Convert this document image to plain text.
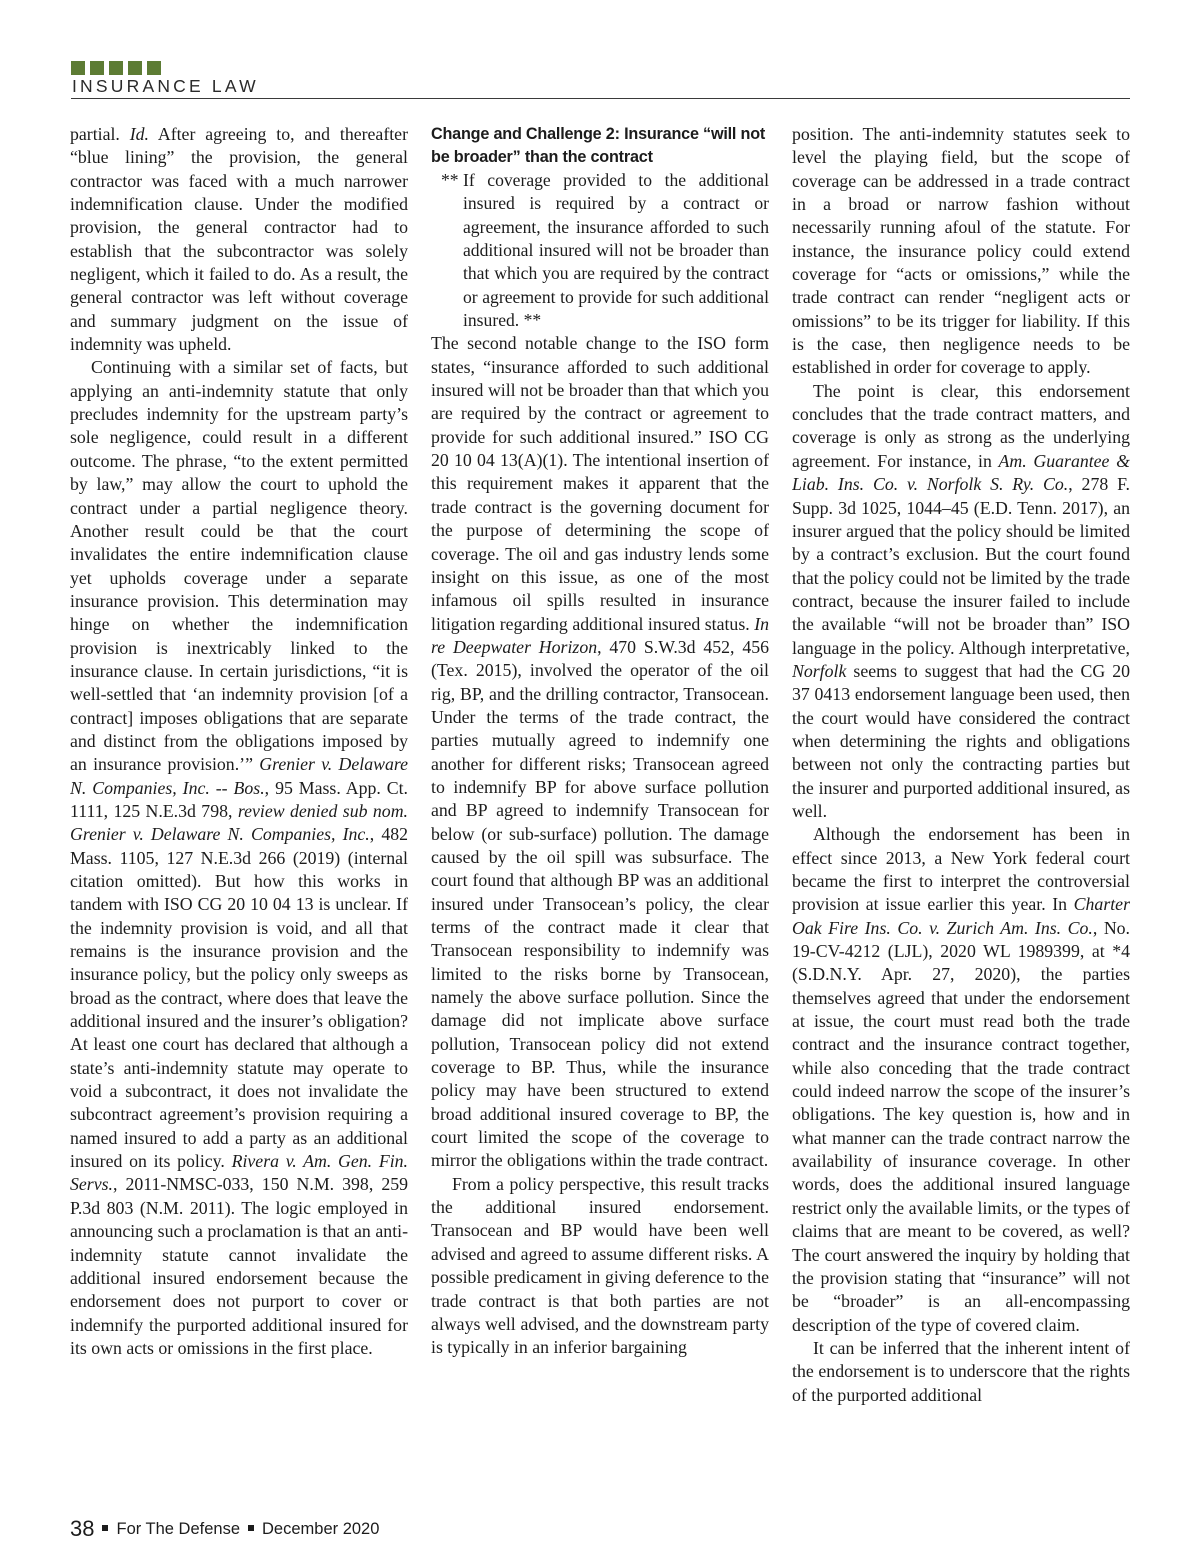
INSURANCE LAW

partial. Id. After agreeing to, and thereafter “blue lining” the provision, the general contractor was faced with a much narrower indemnification clause. Under the modified provision, the general contractor had to establish that the subcontractor was solely negligent, which it failed to do. As a result, the general contractor was left without coverage and summary judgment on the issue of indemnity was upheld.

Continuing with a similar set of facts, but applying an anti-indemnity statute that only precludes indemnity for the upstream party’s sole negligence, could result in a different outcome. The phrase, “to the extent permitted by law,” may allow the court to uphold the contract under a partial negligence theory. Another result could be that the court invalidates the entire indemnification clause yet upholds coverage under a separate insurance provision. This determination may hinge on whether the indemnification provision is inextricably linked to the insurance clause. In certain jurisdictions, “it is well-settled that ‘an indemnity provision [of a contract] imposes obligations that are separate and distinct from the obligations imposed by an insurance provision.’” Grenier v. Delaware N. Companies, Inc. -- Bos., 95 Mass. App. Ct. 1111, 125 N.E.3d 798, review denied sub nom. Grenier v. Delaware N. Companies, Inc., 482 Mass. 1105, 127 N.E.3d 266 (2019) (internal citation omitted). But how this works in tandem with ISO CG 20 10 04 13 is unclear. If the indemnity provision is void, and all that remains is the insurance provision and the insurance policy, but the policy only sweeps as broad as the contract, where does that leave the additional insured and the insurer’s obligation? At least one court has declared that although a state’s anti-indemnity statute may operate to void a subcontract, it does not invalidate the subcontract agreement’s provision requiring a named insured to add a party as an additional insured on its policy. Rivera v. Am. Gen. Fin. Servs., 2011-NMSC-033, 150 N.M. 398, 259 P.3d 803 (N.M. 2011). The logic employed in announcing such a proclamation is that an anti-indemnity statute cannot invalidate the additional insured endorsement because the endorsement does not purport to cover or indemnify the purported additional insured for its own acts or omissions in the first place.

Change and Challenge 2: Insurance “will not be broader” than the contract

** If coverage provided to the additional insured is required by a contract or agreement, the insurance afforded to such additional insured will not be broader than that which you are required by the contract or agreement to provide for such additional insured. **

The second notable change to the ISO form states, “insurance afforded to such additional insured will not be broader than that which you are required by the contract or agreement to provide for such additional insured.” ISO CG 20 10 04 13(A)(1). The intentional insertion of this requirement makes it apparent that the trade contract is the governing document for the purpose of determining the scope of coverage. The oil and gas industry lends some insight on this issue, as one of the most infamous oil spills resulted in insurance litigation regarding additional insured status. In re Deepwater Horizon, 470 S.W.3d 452, 456 (Tex. 2015), involved the operator of the oil rig, BP, and the drilling contractor, Transocean. Under the terms of the trade contract, the parties mutually agreed to indemnify one another for different risks; Transocean agreed to indemnify BP for above surface pollution and BP agreed to indemnify Transocean for below (or sub-surface) pollution. The damage caused by the oil spill was subsurface. The court found that although BP was an additional insured under Transocean’s policy, the clear terms of the contract made it clear that Transocean responsibility to indemnify was limited to the risks borne by Transocean, namely the above surface pollution. Since the damage did not implicate above surface pollution, Transocean policy did not extend coverage to BP. Thus, while the insurance policy may have been structured to extend broad additional insured coverage to BP, the court limited the scope of the coverage to mirror the obligations within the trade contract.

From a policy perspective, this result tracks the additional insured endorsement. Transocean and BP would have been well advised and agreed to assume different risks. A possible predicament in giving deference to the trade contract is that both parties are not always well advised, and the downstream party is typically in an inferior bargaining

position. The anti-indemnity statutes seek to level the playing field, but the scope of coverage can be addressed in a trade contract in a broad or narrow fashion without necessarily running afoul of the statute. For instance, the insurance policy could extend coverage for “acts or omissions,” while the trade contract can render “negligent acts or omissions” to be its trigger for liability. If this is the case, then negligence needs to be established in order for coverage to apply.

The point is clear, this endorsement concludes that the trade contract matters, and coverage is only as strong as the underlying agreement. For instance, in Am. Guarantee & Liab. Ins. Co. v. Norfolk S. Ry. Co., 278 F. Supp. 3d 1025, 1044–45 (E.D. Tenn. 2017), an insurer argued that the policy should be limited by a contract’s exclusion. But the court found that the policy could not be limited by the trade contract, because the insurer failed to include the available “will not be broader than” ISO language in the policy. Although interpretative, Norfolk seems to suggest that had the CG 20 37 0413 endorsement language been used, then the court would have considered the contract when determining the rights and obligations between not only the contracting parties but the insurer and purported additional insured, as well.

Although the endorsement has been in effect since 2013, a New York federal court became the first to interpret the controversial provision at issue earlier this year. In Charter Oak Fire Ins. Co. v. Zurich Am. Ins. Co., No. 19-CV-4212 (LJL), 2020 WL 1989399, at *4 (S.D.N.Y. Apr. 27, 2020), the parties themselves agreed that under the endorsement at issue, the court must read both the trade contract and the insurance contract together, while also conceding that the trade contract could indeed narrow the scope of the insurer’s obligations. The key question is, how and in what manner can the trade contract narrow the availability of insurance coverage. In other words, does the additional insured language restrict only the available limits, or the types of claims that are meant to be covered, as well? The court answered the inquiry by holding that the provision stating that “insurance” will not be “broader” is an all-encompassing description of the type of covered claim.

It can be inferred that the inherent intent of the endorsement is to underscore that the rights of the purported additional

38 For The Defense December 2020
